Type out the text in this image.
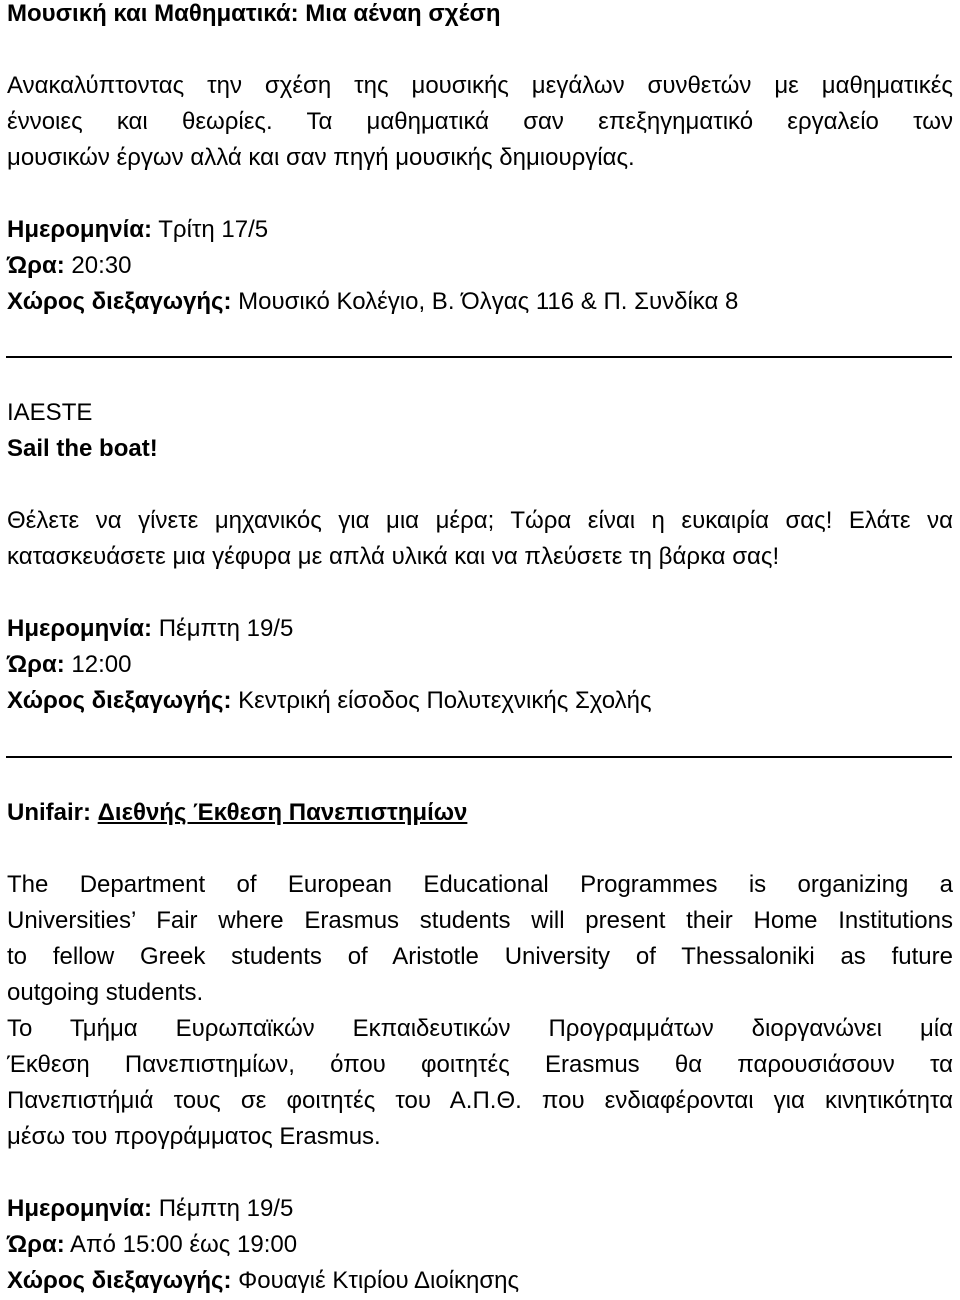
Μουσική και Μαθηματικά: Μια αέναη σχέση
Ανακαλύπτοντας την σχέση της μουσικής μεγάλων συνθετών με μαθηματικές
έννοιες και θεωρίες. Τα μαθηματικά σαν επεξηγηματικό εργαλείο των
μουσικών έργων αλλά και σαν πηγή μουσικής δημιουργίας.
Ημερομηνία: Τρίτη 17/5
Ώρα: 20:30
Χώρος διεξαγωγής: Μουσικό Κολέγιο, Β. Όλγας 116 & Π. Συνδίκα 8
IAESTE
Sail the boat!
Θέλετε να γίνετε μηχανικός για μια μέρα; Τώρα είναι η ευκαιρία σας! Ελάτε να
κατασκευάσετε μια γέφυρα με απλά υλικά και να πλεύσετε τη βάρκα σας!
Ημερομηνία: Πέμπτη 19/5
Ώρα: 12:00
Χώρος διεξαγωγής: Κεντρική είσοδος Πολυτεχνικής Σχολής
Unifair: Διεθνής Έκθεση Πανεπιστημίων
The Department of European Educational Programmes is organizing a
Universities’ Fair where Erasmus students will present their Home Institutions
to fellow Greek students of Aristotle University of Thessaloniki as future
outgoing students.
Το Τμήμα Ευρωπαϊκών Εκπαιδευτικών Προγραμμάτων διοργανώνει μία
Έκθεση Πανεπιστημίων, όπου φοιτητές Erasmus θα παρουσιάσουν τα
Πανεπιστήμιά τους σε φοιτητές του Α.Π.Θ. που ενδιαφέρονται για κινητικότητα
μέσω του προγράμματος Erasmus.
Ημερομηνία: Πέμπτη 19/5
Ώρα: Από 15:00 έως 19:00
Χώρος διεξαγωγής: Φουαγιέ Κτιρίου Διοίκησης
